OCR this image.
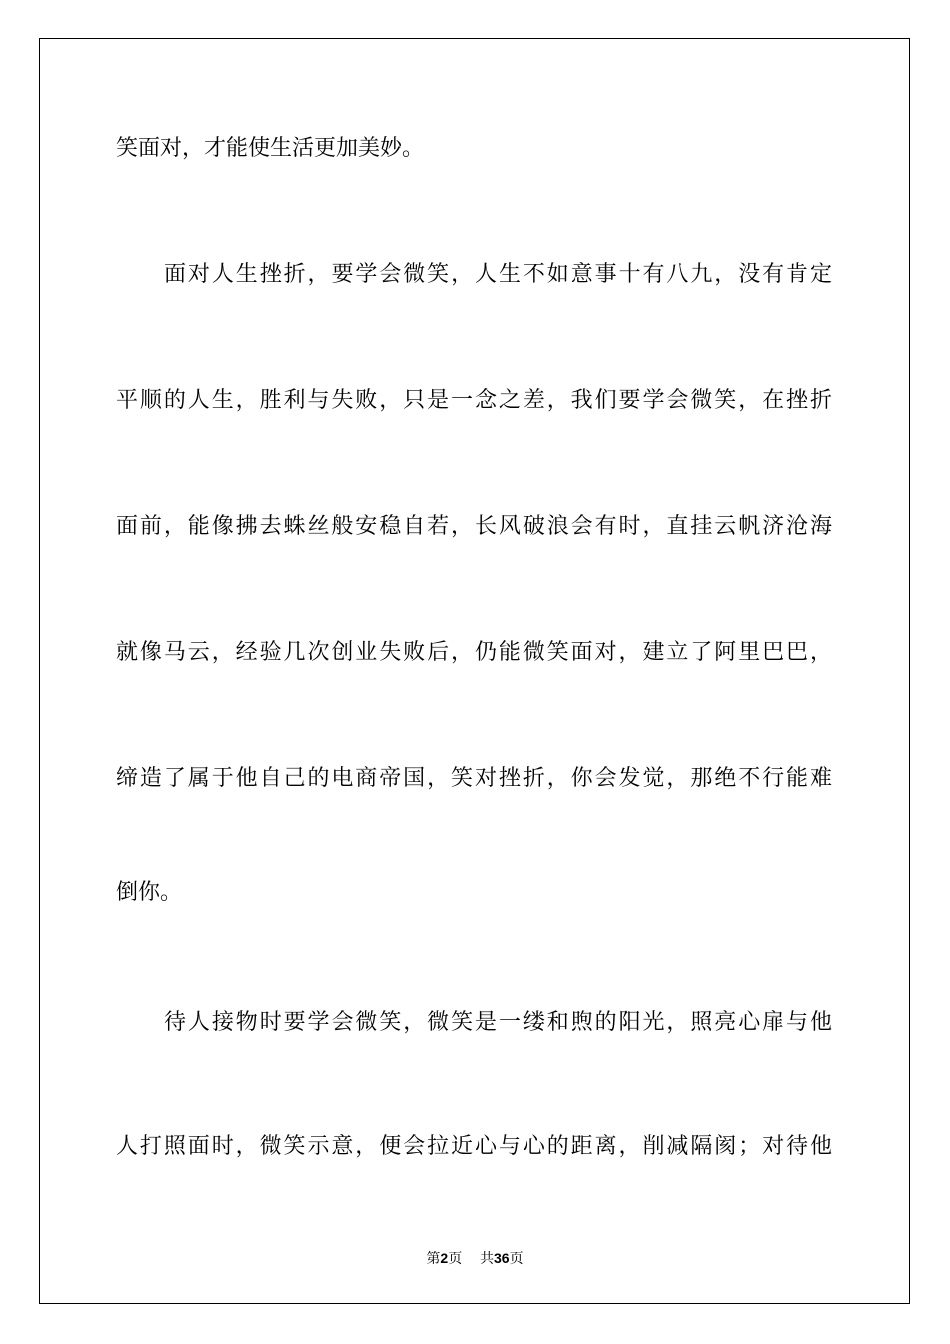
笑面对，才能使生活更加美妙。
面对人生挫折，要学会微笑，人生不如意事十有八九，没有肯定
平顺的人生，胜利与失败，只是一念之差，我们要学会微笑，在挫折
面前，能像拂去蛛丝般安稳自若，长风破浪会有时，直挂云帆济沧海
就像马云，经验几次创业失败后，仍能微笑面对，建立了阿里巴巴，
缔造了属于他自己的电商帝国，笑对挫折，你会发觉，那绝不行能难
倒你。
待人接物时要学会微笑，微笑是一缕和煦的阳光，照亮心扉与他
人打照面时，微笑示意，便会拉近心与心的距离，削减隔阂；对待他
第2页 共36页
